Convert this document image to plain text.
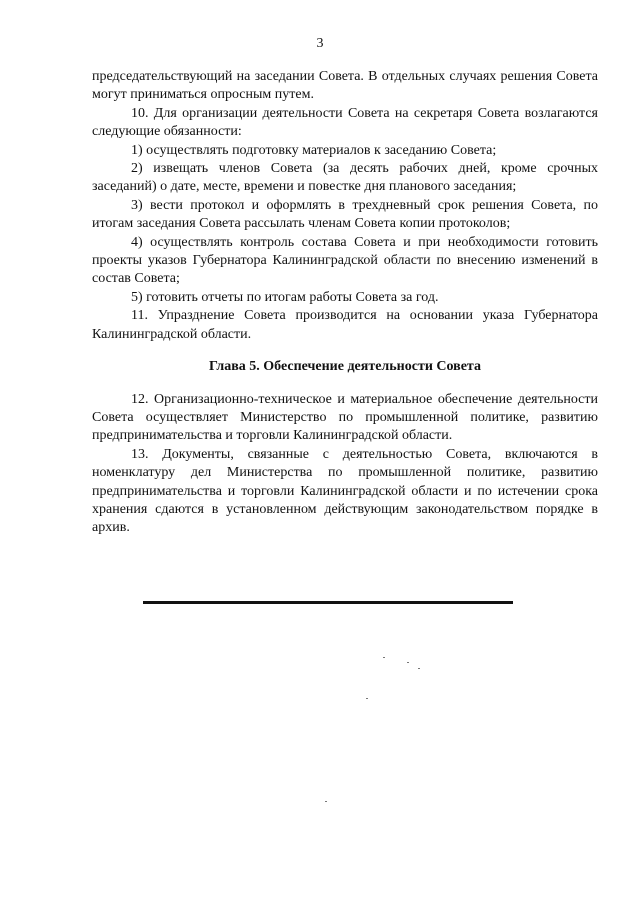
3

председательствующий на заседании Совета. В отдельных случаях решения Совета могут приниматься опросным путем.

10. Для организации деятельности Совета на секретаря Совета возлагаются следующие обязанности:

1) осуществлять подготовку материалов к заседанию Совета;

2) извещать членов Совета (за десять рабочих дней, кроме срочных заседаний) о дате, месте, времени и повестке дня планового заседания;

3) вести протокол и оформлять в трехдневный срок решения Совета, по итогам заседания Совета рассылать членам Совета копии протоколов;

4) осуществлять контроль состава Совета и при необходимости готовить проекты указов Губернатора Калининградской области по внесению изменений в состав Совета;

5) готовить отчеты по итогам работы Совета за год.

11. Упразднение Совета производится на основании указа Губернатора Калининградской области.

Глава 5. Обеспечение деятельности Совета

12. Организационно-техническое и материальное обеспечение деятельности Совета осуществляет Министерство по промышленной политике, развитию предпринимательства и торговли Калининградской области.

13. Документы, связанные с деятельностью Совета, включаются в номенклатуру дел Министерства по промышленной политике, развитию предпринимательства и торговли Калининградской области и по истечении срока хранения сдаются в установленном действующим законодательством порядке в архив.
